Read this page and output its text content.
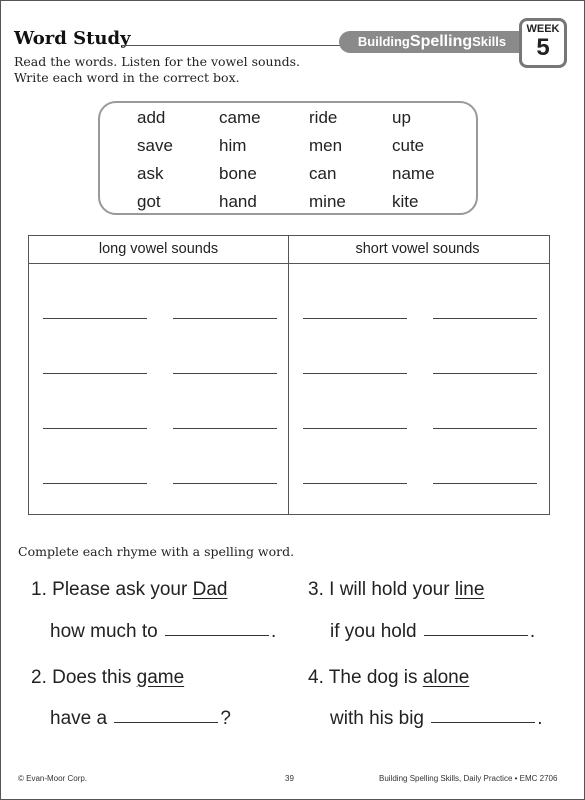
Word Study	BuildingSpellingSkills
WEEK
5
Read the words. Listen for the vowel sounds.
Write each word in the correct box.
add	came	ride	up
save	him	men	cute
ask	bone	can	name
got	hand	mine	kite
long vowel sounds	short vowel sounds
Complete each rhyme with a spelling word.
1. Please ask your Dad
how much to	.
2. Does this game
have a	?
3. I will hold your line
if you hold	.
4. The dog is alone
with his big	.
© Evan-Moor Corp.	39	Building Spelling Skills, Daily Practice • EMC 2706
